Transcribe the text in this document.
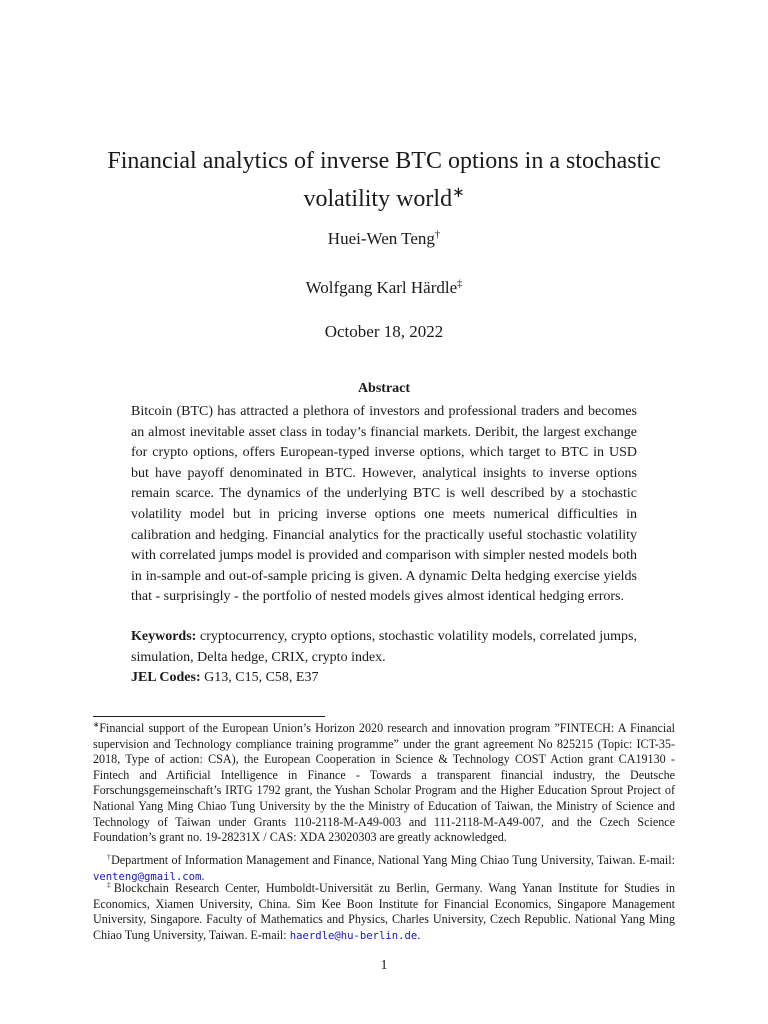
Financial analytics of inverse BTC options in a stochastic volatility world∗
Huei-Wen Teng†
Wolfgang Karl Härdle‡
October 18, 2022
Abstract
Bitcoin (BTC) has attracted a plethora of investors and professional traders and becomes an almost inevitable asset class in today’s financial markets. Deribit, the largest exchange for crypto options, offers European-typed inverse options, which target to BTC in USD but have payoff denominated in BTC. However, analytical insights to inverse options remain scarce. The dynamics of the underlying BTC is well described by a stochastic volatility model but in pricing inverse options one meets numerical difficulties in calibration and hedging. Financial analytics for the practically useful stochastic volatility with correlated jumps model is provided and comparison with simpler nested models both in in-sample and out-of-sample pricing is given. A dynamic Delta hedging exercise yields that - surprisingly - the portfolio of nested models gives almost identical hedging errors.
Keywords: cryptocurrency, crypto options, stochastic volatility models, correlated jumps, simulation, Delta hedge, CRIX, crypto index.
JEL Codes: G13, C15, C58, E37
∗Financial support of the European Union’s Horizon 2020 research and innovation program ”FINTECH: A Financial supervision and Technology compliance training programme” under the grant agreement No 825215 (Topic: ICT-35-2018, Type of action: CSA), the European Cooperation in Science & Technology COST Action grant CA19130 - Fintech and Artificial Intelligence in Finance - Towards a transparent financial industry, the Deutsche Forschungsgemeinschaft’s IRTG 1792 grant, the Yushan Scholar Program and the Higher Education Sprout Project of National Yang Ming Chiao Tung University by the the Ministry of Education of Taiwan, the Ministry of Science and Technology of Taiwan under Grants 110-2118-M-A49-003 and 111-2118-M-A49-007, and the Czech Science Foundation’s grant no. 19-28231X / CAS: XDA 23020303 are greatly acknowledged.
†Department of Information Management and Finance, National Yang Ming Chiao Tung University, Taiwan. E-mail: venteng@gmail.com.
‡Blockchain Research Center, Humboldt-Universität zu Berlin, Germany. Wang Yanan Institute for Studies in Economics, Xiamen University, China. Sim Kee Boon Institute for Financial Economics, Singapore Management University, Singapore. Faculty of Mathematics and Physics, Charles University, Czech Republic. National Yang Ming Chiao Tung University, Taiwan. E-mail: haerdle@hu-berlin.de.
1
